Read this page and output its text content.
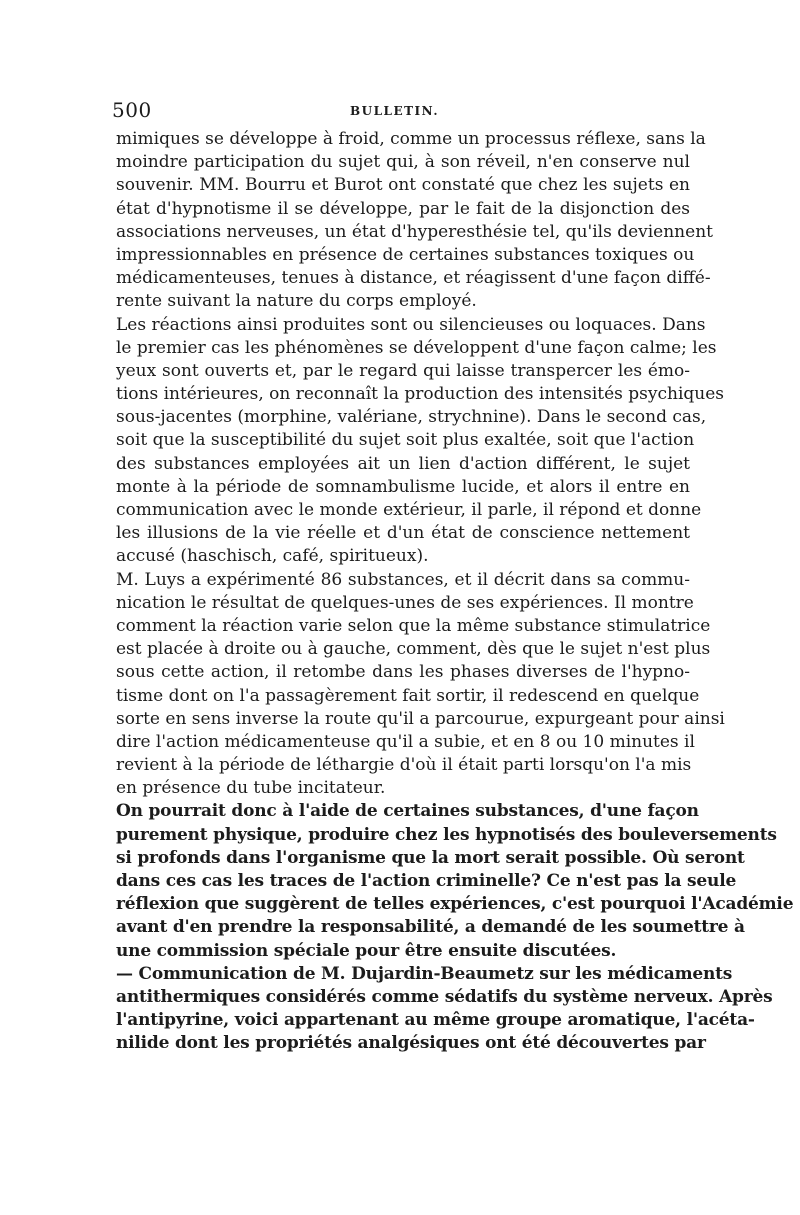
500	BULLETIN.
mimiques se développe à froid, comme un processus réflexe, sans la
moindre participation du sujet qui, à son réveil, n'en conserve nul
souvenir. MM. Bourru et Burot ont constaté que chez les sujets en
état d'hypnotisme il se développe, par le fait de la disjonction des
associations nerveuses, un état d'hyperesthésie tel, qu'ils deviennent
impressionnables en présence de certaines substances toxiques ou
médicamenteuses, tenues à distance, et réagissent d'une façon diffé-
rente suivant la nature du corps employé.
Les réactions ainsi produites sont ou silencieuses ou loquaces. Dans
le premier cas les phénomènes se développent d'une façon calme; les
yeux sont ouverts et, par le regard qui laisse transpercer les émo-
tions intérieures, on reconnaît la production des intensités psychiques
sous-jacentes (morphine, valériane, strychnine). Dans le second cas,
soit que la susceptibilité du sujet soit plus exaltée, soit que l'action
des substances employées ait un lien d'action différent, le sujet
monte à la période de somnambulisme lucide, et alors il entre en
communication avec le monde extérieur, il parle, il répond et donne
les illusions de la vie réelle et d'un état de conscience nettement
accusé (haschisch, café, spiritueux).
M. Luys a expérimenté 86 substances, et il décrit dans sa commu-
nication le résultat de quelques-unes de ses expériences. Il montre
comment la réaction varie selon que la même substance stimulatrice
est placée à droite ou à gauche, comment, dès que le sujet n'est plus
sous cette action, il retombe dans les phases diverses de l'hypno-
tisme dont on l'a passagèrement fait sortir, il redescend en quelque
sorte en sens inverse la route qu'il a parcourue, expurgeant pour ainsi
dire l'action médicamenteuse qu'il a subie, et en 8 ou 10 minutes il
revient à la période de léthargie d'où il était parti lorsqu'on l'a mis
en présence du tube incitateur.
On pourrait donc à l'aide de certaines substances, d'une façon
purement physique, produire chez les hypnotisés des bouleversements
si profonds dans l'organisme que la mort serait possible. Où seront
dans ces cas les traces de l'action criminelle? Ce n'est pas la seule
réflexion que suggèrent de telles expériences, c'est pourquoi l'Académie
avant d'en prendre la responsabilité, a demandé de les soumettre à
une commission spéciale pour être ensuite discutées.
— Communication de M. Dujardin-Beaumetz sur les médicaments
antithermiques considérés comme sédatifs du système nerveux. Après
l'antipyrine, voici appartenant au même groupe aromatique, l'acéta-
nilide dont les propriétés analgésiques ont été découvertes par
